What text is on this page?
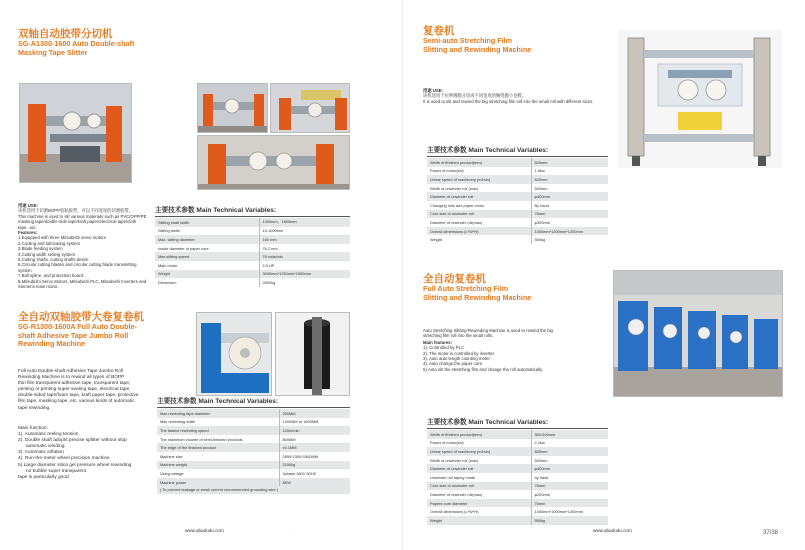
双轴自动胶带分切机
SG-A1300-1600 Auto Double-shaft
Masking Tape Slitter

用途 USE:

该机适用于切割BOPP胶粘胶带，可以不同宽度的切割胶带。

This machine is used to slit various materials such as PVC/OPP/PE masking tape/double-side tape/kraft paper/electrical tape/cloth tape...etc.

Features:

1.Equipped with three Mitsubishi servo motors

2.Cooling and lubricating system

3.Blade feeding system

4.Cutting width setting system

5.Cutting shafts, cutting shafts desire

6.Circular cutting blades and circular cutting blade transmitting system

7.Ball spline, and protection board

8.Mitsubishi Servo Motors, Mitsubishi PLC, Mitsubishi Inverters and Siemens main motor.

主要技术参数 Main Technical Variables:
Slitting shaft width	1300mm、1600mm
Slitting width	15-1000mm
Max. slitting diameter	160 mm
Inside diameter of paper core	76.2 mm
Max.slitting speed	78 rods/min
Main motor	5.5 HP
Weight	3000mm*1250mm*1500mm
Dimension	2800kg
全自动双轴胶带大卷复卷机
SG-R1300-1600A Full Auto Double-
shaft Adhesive Tape Jumbo Roll
Rewinding Machine

Full Auto Double-shaft Adhesive Tape Jumbo Roll

Rewinding Machine is to rewind all types of BOPP

thin film transparent adhesive tape, transparent tape,

printing or printing super sealing tape, electrical tape,

double-sided tape/foam tape, kraft paper tape, protective

film tape, masking tape, etc. various kinds of automatic

tape rewinding.

Main function:

1). Automatic reeling tension

2). Double shaft adopts precise splitter without stop

automatic winding.

3). Automatic inflation

4). Run-the-meter wheel precision machine

5).Large diameter silica gel pressure wheel rewinding

no bubble super transparent

tape is particularly good.

主要技术参数 Main Technical Variables:
Max rewinding tape diameter	250MM
Max rewinding width	1300MM or 1600MM
The fastest rewinding speed	120m/min
The maximum volume of semi-finished products	800MM
The edge of the finished product	±0.1MM
Machine size	2850*2300*1500MM
Machine weight	2150kg
Using voltage	3phase 380V 50HZ
Machine power	8KW
( To prevent leakage or weak current recommended grounding wire )
www.abadodo.com	...
复卷机
Semi-auto Stretching Film
Slitting and Rewinding Machine

用途 USE:

该机适用于拉伸薄膜分切成不同宽度的缠绕膜小卷膜。

It is used to slit and rewind the big stretching film roll into the small roll with different sizes.

主要技术参数 Main Technical Variables:
Width of finished product(mm)	500mm
Power of motor(kw)	1.5kw
Linear speed of machinery (m/min)	400mm
Width of unwinder roll (max)	500mm
Diameter of unwinder roll	φ400mm
Changing rolls and paper cores	By hand
Core size of unwinder roll	76mm
Diameter of rewinder roll(max)	φ300mm
Overall dimensions (L*W*H)	1400mm*1200mm*1200mm
Weight	550kg
全自动复卷机
Full Auto Stretching Film
Slitting and Rewinding Machine

Auto Stretching Slitting-Rewinding Machine is used to rewind the big

stretching film roll into the small rolls.

Main features:

1). Controlled by PLC

2). The motor is controlled by inverter

3). Auto auto length counting meter

4). Auto change the paper core.

5).Auto slit the stretching film and change the roll automatically.

主要技术参数 Main Technical Variables:
Width of finished product(mm)	300-500mm
Power of motor(kw)	2.2kw
Linear speed of machinery (m/min)	600mm
Width of unwinder roll (max)	500mm
Diameter of unwinder roll	φ400mm
Unwinder roll taping mode	by hand
Core size of unwinder roll	76mm
Diameter of rewinder roll(max)	φ200mm
Papere core diameter	76mm
Overall dimensions (L*W*H)	1400mm*1000mm*1300mm
Weight	550kg
www.abadodo.com	37/38
